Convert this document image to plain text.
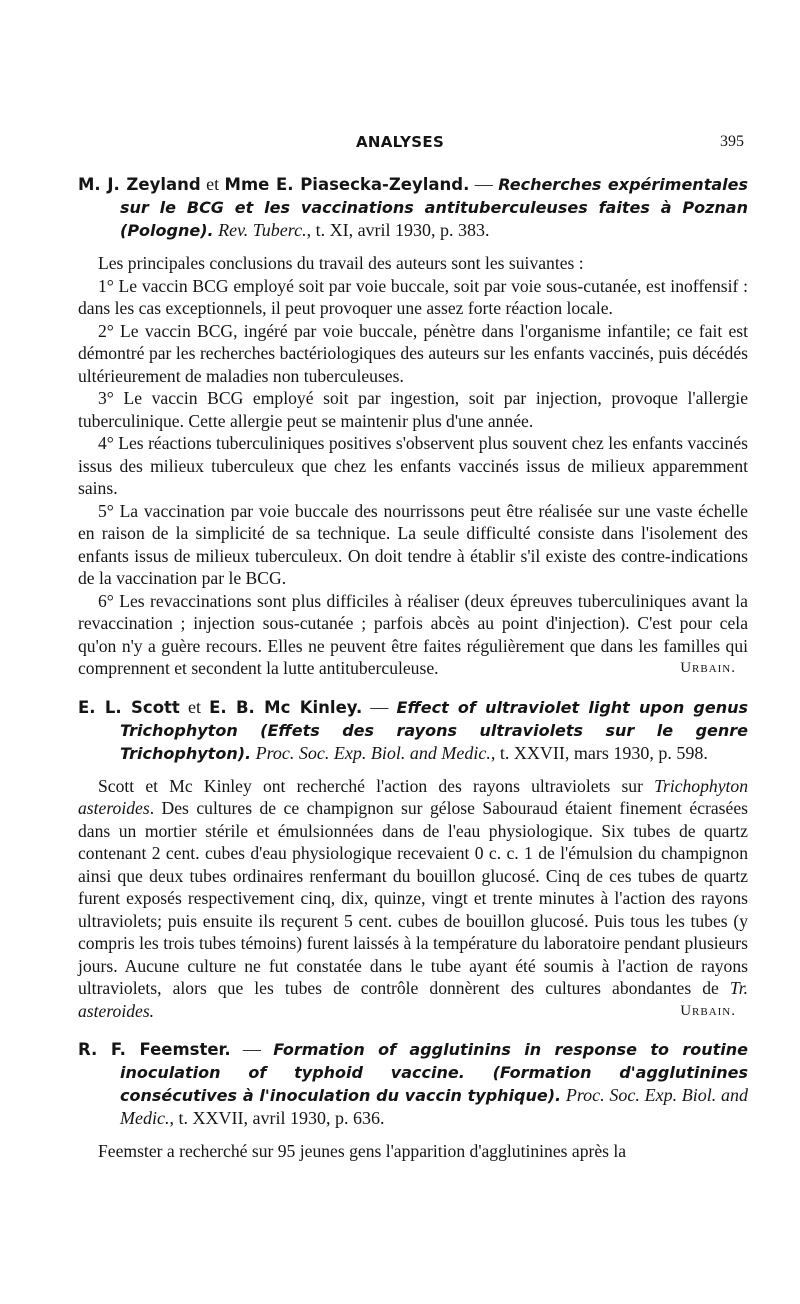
ANALYSES	395

M. J. Zeyland et Mme E. Piasecka-Zeyland. — Recherches expérimentales sur le BCG et les vaccinations antituberculeuses faites à Poznan (Pologne). Rev. Tuberc., t. XI, avril 1930, p. 383.

Les principales conclusions du travail des auteurs sont les suivantes :

1° Le vaccin BCG employé soit par voie buccale, soit par voie sous-cutanée, est inoffensif : dans les cas exceptionnels, il peut provoquer une assez forte réaction locale.

2° Le vaccin BCG, ingéré par voie buccale, pénètre dans l'organisme infantile; ce fait est démontré par les recherches bactériologiques des auteurs sur les enfants vaccinés, puis décédés ultérieurement de maladies non tuberculeuses.

3° Le vaccin BCG employé soit par ingestion, soit par injection, provoque l'allergie tuberculinique. Cette allergie peut se maintenir plus d'une année.

4° Les réactions tuberculiniques positives s'observent plus souvent chez les enfants vaccinés issus des milieux tuberculeux que chez les enfants vaccinés issus de milieux apparemment sains.

5° La vaccination par voie buccale des nourrissons peut être réalisée sur une vaste échelle en raison de la simplicité de sa technique. La seule difficulté consiste dans l'isolement des enfants issus de milieux tuberculeux. On doit tendre à établir s'il existe des contre-indications de la vaccination par le BCG.

6° Les revaccinations sont plus difficiles à réaliser (deux épreuves tuberculiniques avant la revaccination ; injection sous-cutanée ; parfois abcès au point d'injection). C'est pour cela qu'on n'y a guère recours. Elles ne peuvent être faites régulièrement que dans les familles qui comprennent et secondent la lutte antituberculeuse.	Urbain.

E. L. Scott et E. B. Mc Kinley. — Effect of ultraviolet light upon genus Trichophyton (Effets des rayons ultraviolets sur le genre Trichophyton). Proc. Soc. Exp. Biol. and Medic., t. XXVII, mars 1930, p. 598.

Scott et Mc Kinley ont recherché l'action des rayons ultraviolets sur Trichophyton asteroides. Des cultures de ce champignon sur gélose Sabouraud étaient finement écrasées dans un mortier stérile et émulsionnées dans de l'eau physiologique. Six tubes de quartz contenant 2 cent. cubes d'eau physiologique recevaient 0 c. c. 1 de l'émulsion du champignon ainsi que deux tubes ordinaires renfermant du bouillon glucosé. Cinq de ces tubes de quartz furent exposés respectivement cinq, dix, quinze, vingt et trente minutes à l'action des rayons ultraviolets; puis ensuite ils reçurent 5 cent. cubes de bouillon glucosé. Puis tous les tubes (y compris les trois tubes témoins) furent laissés à la température du laboratoire pendant plusieurs jours. Aucune culture ne fut constatée dans le tube ayant été soumis à l'action de rayons ultraviolets, alors que les tubes de contrôle donnèrent des cultures abondantes de Tr. asteroides.	Urbain.

R. F. Feemster. — Formation of agglutinins in response to routine inoculation of typhoid vaccine. (Formation d'agglutinines consécutives à l'inoculation du vaccin typhique). Proc. Soc. Exp. Biol. and Medic., t. XXVII, avril 1930, p. 636.

Feemster a recherché sur 95 jeunes gens l'apparition d'agglutinines après la
